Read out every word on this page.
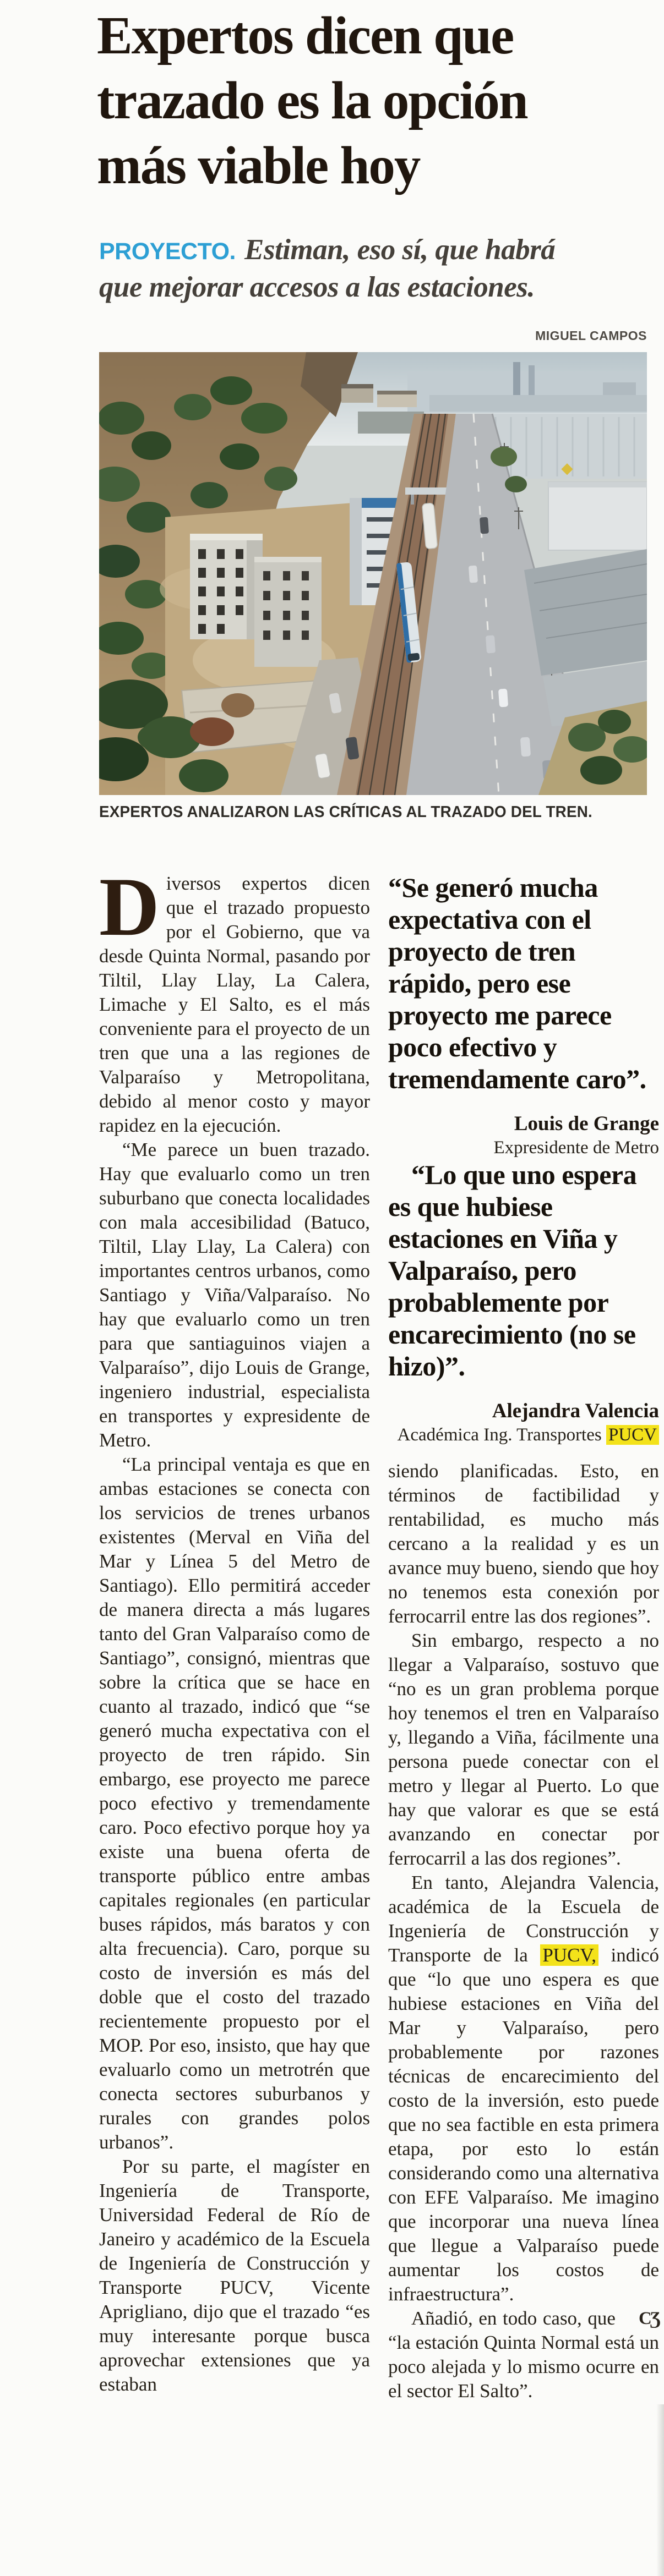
Expertos dicen que
trazado es la opción
más viable hoy
PROYECTO. Estiman, eso sí, que habrá
que mejorar accesos a las estaciones.
MIGUEL CAMPOS
EXPERTOS ANALIZARON LAS CRÍTICAS AL TRAZADO DEL TREN.

Diversos expertos dicen que el trazado propuesto por el Gobierno, que va desde Quinta Normal, pasando por Tiltil, Llay Llay, La Calera, Limache y El Salto, es el más conveniente para el proyecto de un tren que una a las regiones de Valparaíso y Metropolitana, debido al menor costo y mayor rapidez en la ejecución.

“Me parece un buen trazado. Hay que evaluarlo como un tren suburbano que conecta localidades con mala accesibilidad (Batuco, Tiltil, Llay Llay, La Calera) con importantes centros urbanos, como Santiago y Viña/Valparaíso. No hay que evaluarlo como un tren para que santiaguinos viajen a Valparaíso”, dijo Louis de Grange, ingeniero industrial, especialista en transportes y expresidente de Metro.

“La principal ventaja es que en ambas estaciones se conecta con los servicios de trenes urbanos existentes (Merval en Viña del Mar y Línea 5 del Metro de Santiago). Ello permitirá acceder de manera directa a más lugares tanto del Gran Valparaíso como de Santiago”, consignó, mientras que sobre la crítica que se hace en cuanto al trazado, indicó que “se generó mucha expectativa con el proyecto de tren rápido. Sin embargo, ese proyecto me parece poco efectivo y tremendamente caro. Poco efectivo porque hoy ya existe una buena oferta de transporte público entre ambas capitales regionales (en particular buses rápidos, más baratos y con alta frecuencia). Caro, porque su costo de inversión es más del doble que el costo del trazado recientemente propuesto por el MOP. Por eso, insisto, que hay que evaluarlo como un metrotrén que conecta sectores suburbanos y rurales con grandes polos urbanos”.

Por su parte, el magíster en Ingeniería de Transporte, Universidad Federal de Río de Janeiro y académico de la Escuela de Ingeniería de Construcción y Transporte PUCV, Vicente Aprigliano, dijo que el trazado “es muy interesante porque busca aprovechar extensiones que ya estaban

“Se generó mucha expectativa con el proyecto de tren rápido, pero ese proyecto me parece poco efectivo y tremendamente caro”.

Louis de Grange
Expresidente de Metro

“Lo que uno espera es que hubiese estaciones en Viña y Valparaíso, pero probablemente por encarecimiento (no se hizo)”.

Alejandra Valencia
Académica Ing. Transportes PUCV

siendo planificadas. Esto, en términos de factibilidad y rentabilidad, es mucho más cercano a la realidad y es un avance muy bueno, siendo que hoy no tenemos esta conexión por ferrocarril entre las dos regiones”.

Sin embargo, respecto a no llegar a Valparaíso, sostuvo que “no es un gran problema porque hoy tenemos el tren en Valparaíso y, llegando a Viña, fácilmente una persona puede conectar con el metro y llegar al Puerto. Lo que hay que valorar es que se está avanzando en conectar por ferrocarril a las dos regiones”.

En tanto, Alejandra Valencia, académica de la Escuela de Ingeniería de Construcción y Transporte de la PUCV, indicó que “lo que uno espera es que hubiese estaciones en Viña del Mar y Valparaíso, pero probablemente por razones técnicas de encarecimiento del costo de la inversión, esto puede que no sea factible en esta primera etapa, por esto lo están considerando como una alternativa con EFE Valparaíso. Me imagino que incorporar una nueva línea que llegue a Valparaíso puede aumentar los costos de infraestructura”.

CƷ
Añadió, en todo caso, que “la estación Quinta Normal está un poco alejada y lo mismo ocurre en el sector El Salto”.
